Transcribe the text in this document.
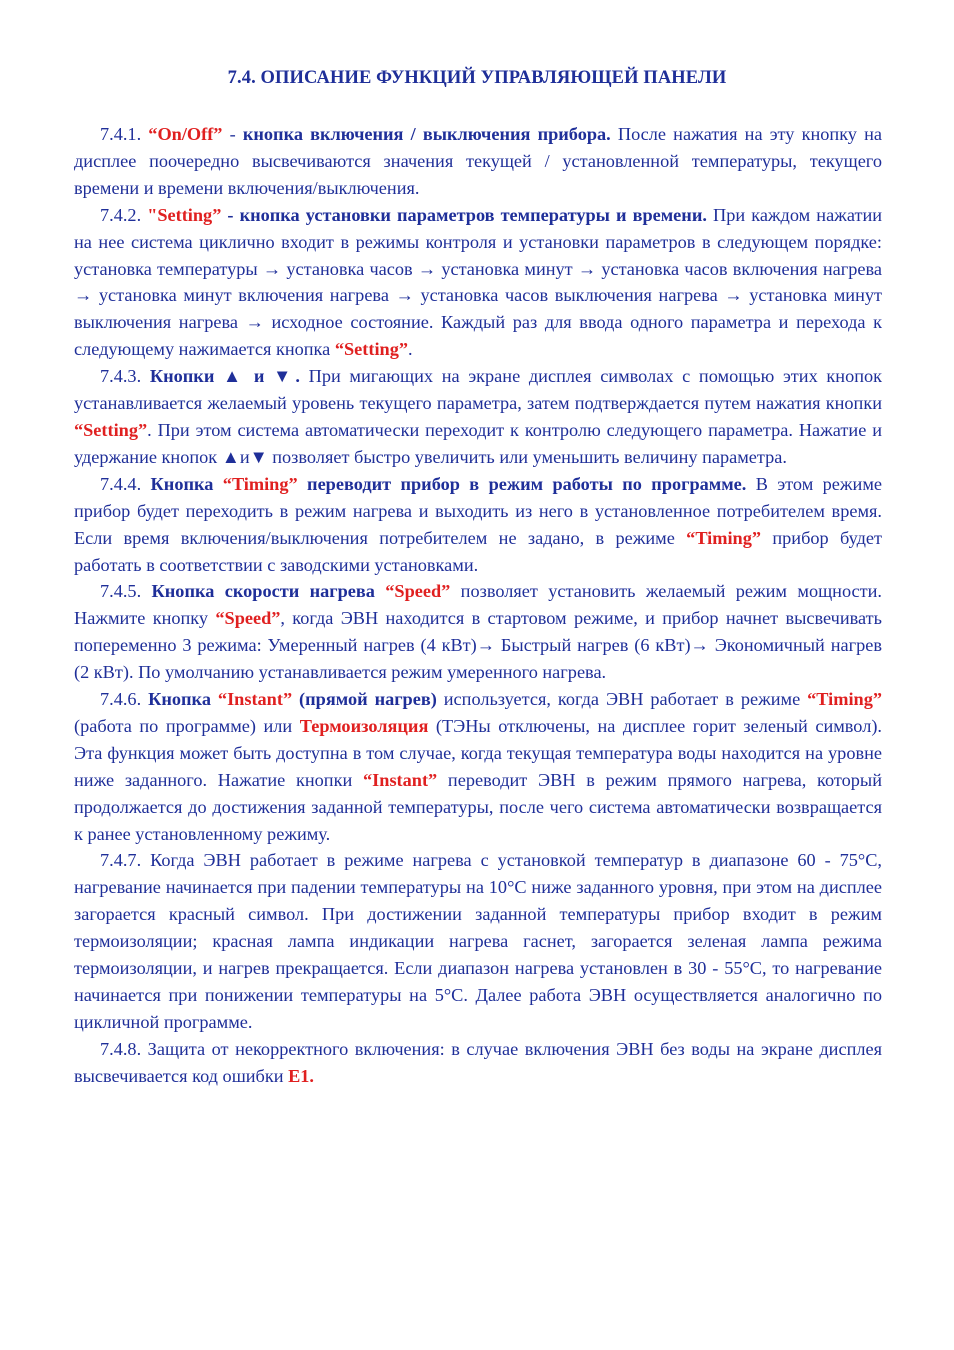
7.4. ОПИСАНИЕ ФУНКЦИЙ УПРАВЛЯЮЩЕЙ ПАНЕЛИ

7.4.1. “On/Off” - кнопка включения / выключения прибора. После нажатия на эту кнопку на дисплее поочередно высвечиваются значения текущей / установленной температуры, текущего времени и времени включения/выключения.

7.4.2. "Setting” - кнопка установки параметров температуры и времени. При каждом нажатии на нее система циклично входит в режимы контроля и установки параметров в следующем порядке: установка температуры → установка часов → установка минут → установка часов включения нагрева → установка минут включения нагрева → установка часов выключения нагрева → установка минут выключения нагрева → исходное состояние. Каждый раз для ввода одного параметра и перехода к следующему нажимается кнопка “Setting”.

7.4.3. Кнопки ▲ и ▼. При мигающих на экране дисплея символах с помощью этих кнопок устанавливается желаемый уровень текущего параметра, затем подтверждается путем нажатия кнопки “Setting”. При этом система автоматически переходит к контролю следующего параметра. Нажатие и удержание кнопок ▲и▼ позволяет быстро увеличить или уменьшить величину параметра.

7.4.4. Кнопка “Timing” переводит прибор в режим работы по программе. В этом режиме прибор будет переходить в режим нагрева и выходить из него в установленное потребителем время. Если время включения/выключения потребителем не задано, в режиме “Timing” прибор будет работать в соответствии с заводскими установками.

7.4.5. Кнопка скорости нагрева “Speed” позволяет установить желаемый режим мощности. Нажмите кнопку “Speed”, когда ЭВН находится в стартовом режиме, и прибор начнет высвечивать попеременно 3 режима: Умеренный нагрев (4 кВт)→ Быстрый нагрев (6 кВт)→ Экономичный нагрев (2 кВт). По умолчанию устанавливается режим умеренного нагрева.

7.4.6. Кнопка “Instant” (прямой нагрев) используется, когда ЭВН работает в режиме “Timing” (работа по программе) или Термоизоляция (ТЭНы отключены, на дисплее горит зеленый символ). Эта функция может быть доступна в том случае, когда текущая температура воды находится на уровне ниже заданного. Нажатие кнопки “Instant” переводит ЭВН в режим прямого нагрева, который продолжается до достижения заданной температуры, после чего система автоматически возвращается к ранее установленному режиму.

7.4.7. Когда ЭВН работает в режиме нагрева с установкой температур в диапазоне 60 - 75°С, нагревание начинается при падении температуры на 10°С ниже заданного уровня, при этом на дисплее загорается красный символ. При достижении заданной температуры прибор входит в режим термоизоляции; красная лампа индикации нагрева гаснет, загорается зеленая лампа режима термоизоляции, и нагрев прекращается. Если диапазон нагрева установлен в 30 - 55°С, то нагревание начинается при понижении температуры на 5°С. Далее работа ЭВН осуществляется аналогично по цикличной программе.

7.4.8. Защита от некорректного включения: в случае включения ЭВН без воды на экране дисплея высвечивается код ошибки Е1.
